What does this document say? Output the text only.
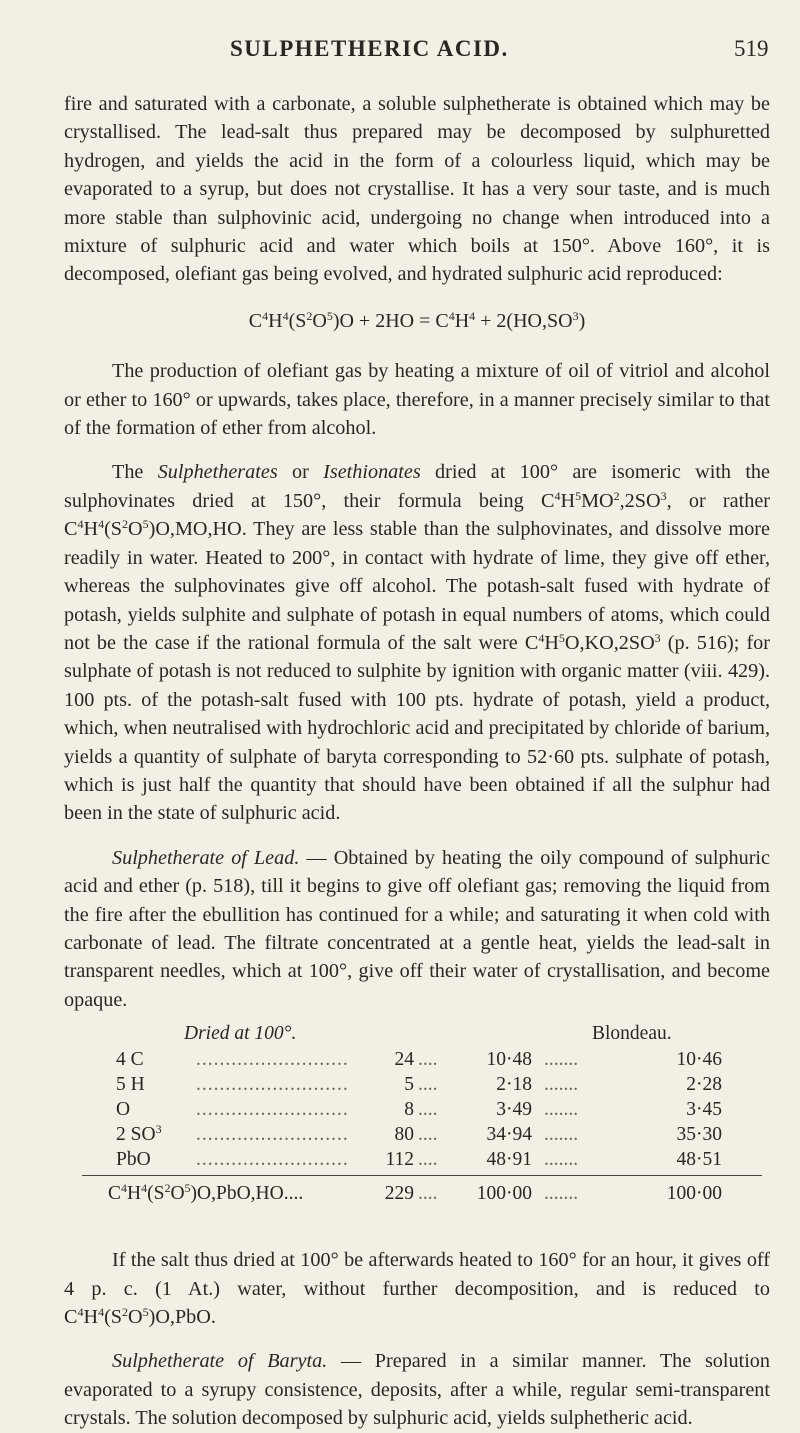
SULPHETHERIC ACID.	519

fire and saturated with a carbonate, a soluble sulphetherate is obtained which may be crystallised. The lead-salt thus prepared may be decomposed by sulphuretted hydrogen, and yields the acid in the form of a colourless liquid, which may be evaporated to a syrup, but does not crystallise. It has a very sour taste, and is much more stable than sulphovinic acid, undergoing no change when introduced into a mixture of sulphuric acid and water which boils at 150°. Above 160°, it is decomposed, olefiant gas being evolved, and hydrated sulphuric acid reproduced:

$C^4H^4(S^2O^5)O + 2HO = C^4H^4 + 2(HO,SO^3)$

The production of olefiant gas by heating a mixture of oil of vitriol and alcohol or ether to 160° or upwards, takes place, therefore, in a manner precisely similar to that of the formation of ether from alcohol.

The Sulphetherates or Isethionates dried at 100° are isomeric with the sulphovinates dried at 150°, their formula being $C^4H^5MO^2,2SO^3$, or rather $C^4H^4(S^2O^5)O,MO,HO$. They are less stable than the sulphovinates, and dissolve more readily in water. Heated to 200°, in contact with hydrate of lime, they give off ether, whereas the sulphovinates give off alcohol. The potash-salt fused with hydrate of potash, yields sulphite and sulphate of potash in equal numbers of atoms, which could not be the case if the rational formula of the salt were $C^4H^5O,KO,2SO^3$ (p. 516); for sulphate of potash is not reduced to sulphite by ignition with organic matter (viii. 429). 100 pts. of the potash-salt fused with 100 pts. hydrate of potash, yield a product, which, when neutralised with hydrochloric acid and precipitated by chloride of barium, yields a quantity of sulphate of baryta corresponding to 52·60 pts. sulphate of potash, which is just half the quantity that should have been obtained if all the sulphur had been in the state of sulphuric acid.

Sulphetherate of Lead. — Obtained by heating the oily compound of sulphuric acid and ether (p. 518), till it begins to give off olefiant gas; removing the liquid from the fire after the ebullition has continued for a while; and saturating it when cold with carbonate of lead. The filtrate concentrated at a gentle heat, yields the lead-salt in transparent needles, which at 100°, give off their water of crystallisation, and become opaque.

Dried at 100°.	Blondeau.
4 C	..........................	24 ....	10·48 .......	10·46
5 H	..........................	5 ....	2·18 .......	2·28
O	..........................	8 ....	3·49 .......	3·45
2 $SO^3$ ..........................	80 ....	34·94 .......	35·30
PbO ..........................	112 ....	48·91 .......	48·51
$C^4H^4(S^2O^5)O,PbO,HO$....	229 ....	100·00 .......	100·00

If the salt thus dried at 100° be afterwards heated to 160° for an hour, it gives off 4 p. c. (1 At.) water, without further decomposition, and is reduced to $C^4H^4(S^2O^5)O,PbO$.

Sulphetherate of Baryta. — Prepared in a similar manner. The solution evaporated to a syrupy consistence, deposits, after a while, regular semi-transparent crystals. The solution decomposed by sulphuric acid, yields sulphetheric acid.
